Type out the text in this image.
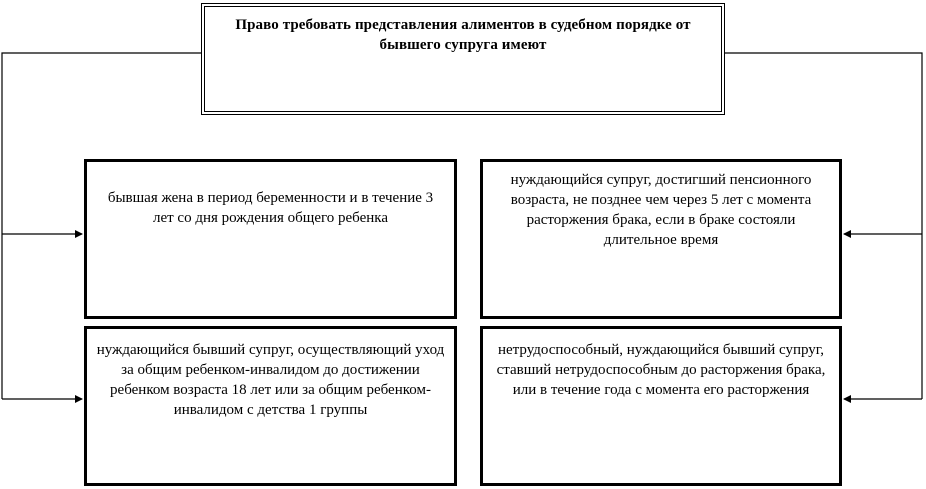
Право требовать представления алиментов в судебном порядке от бывшего супруга имеют
бывшая жена в период беременности и в течение 3 лет со дня рождения общего ребенка
нуждающийся супруг, достигший пенсионного возраста, не позднее чем через 5 лет с момента расторжения брака, если в браке состояли длительное время
нуждающийся бывший супруг, осуществляющий уход за общим ребенком-инвалидом до достижении ребенком возраста 18 лет или за общим ребенком-инвалидом с детства 1 группы
нетрудоспособный, нуждающийся бывший супруг, ставший нетрудоспособным до расторжения брака, или в течение года с момента его расторжения
